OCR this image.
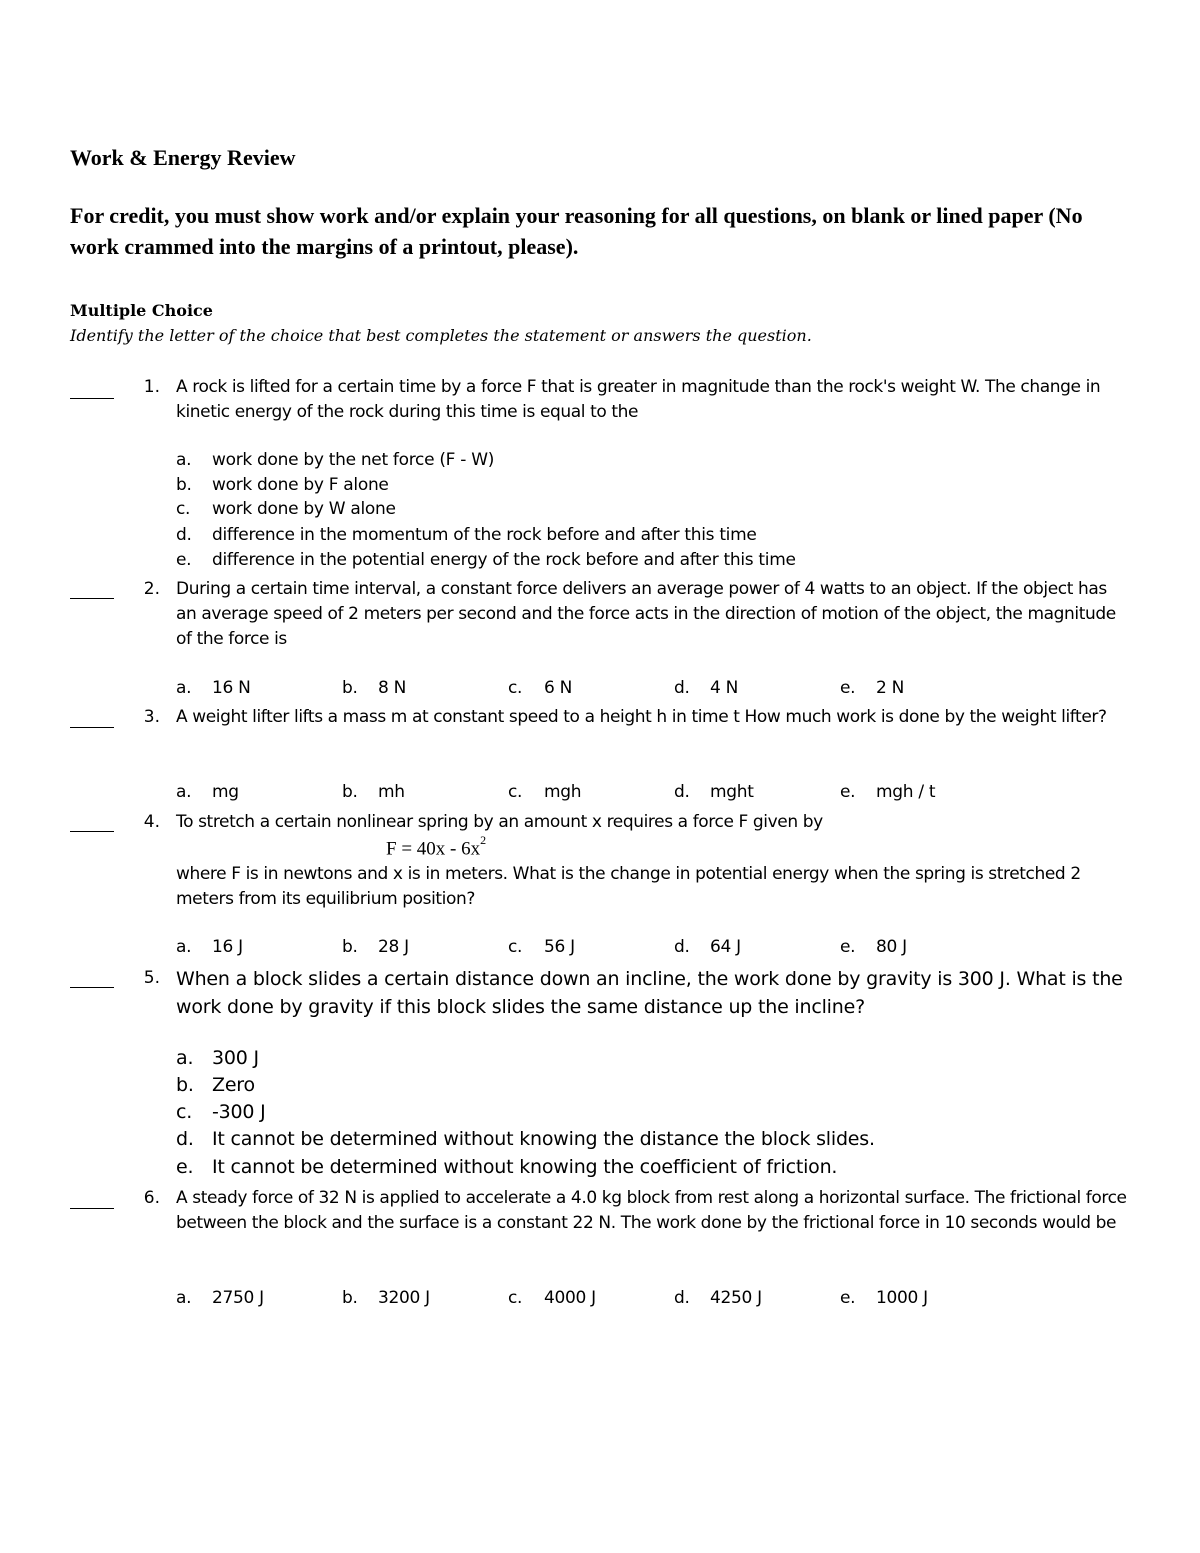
Work & Energy Review
For credit, you must show work and/or explain your reasoning for all questions, on blank or lined paper (No work crammed into the margins of a printout, please).
Multiple Choice
Identify the letter of the choice that best completes the statement or answers the question.
1. A rock is lifted for a certain time by a force F that is greater in magnitude than the rock's weight W. The change in kinetic energy of the rock during this time is equal to the
a. work done by the net force (F - W)
b. work done by F alone
c. work done by W alone
d. difference in the momentum of the rock before and after this time
e. difference in the potential energy of the rock before and after this time
2. During a certain time interval, a constant force delivers an average power of 4 watts to an object. If the object has an average speed of 2 meters per second and the force acts in the direction of motion of the object, the magnitude of the force is
a. 16 N	b. 8 N	c. 6 N	d. 4 N	e. 2 N
3. A weight lifter lifts a mass m at constant speed to a height h in time t How much work is done by the weight lifter?
a. mg	b. mh	c. mgh	d. mght	e. mgh / t
4. To stretch a certain nonlinear spring by an amount x requires a force F given by
$F = 40x - 6x^2$
where F is in newtons and x is in meters. What is the change in potential energy when the spring is stretched 2 meters from its equilibrium position?
a. 16 J	b. 28 J	c. 56 J	d. 64 J	e. 80 J
5. When a block slides a certain distance down an incline, the work done by gravity is 300 J. What is the work done by gravity if this block slides the same distance up the incline?
a. 300 J
b. Zero
c. -300 J
d. It cannot be determined without knowing the distance the block slides.
e. It cannot be determined without knowing the coefficient of friction.
6. A steady force of 32 N is applied to accelerate a 4.0 kg block from rest along a horizontal surface. The frictional force between the block and the surface is a constant 22 N. The work done by the frictional force in 10 seconds would be
a. 2750 J	b. 3200 J	c. 4000 J	d. 4250 J	e. 1000 J
